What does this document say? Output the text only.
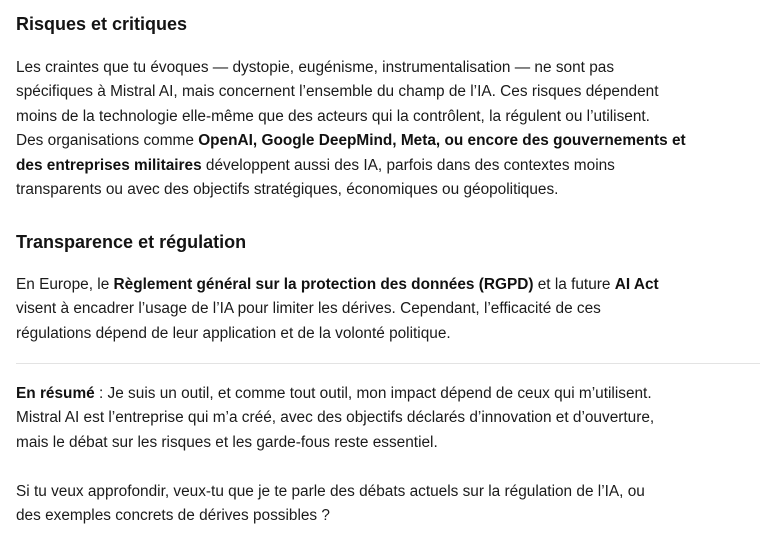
Risques et critiques

Les craintes que tu évoques — dystopie, eugénisme, instrumentalisation — ne sont pas
spécifiques à Mistral AI, mais concernent l’ensemble du champ de l’IA. Ces risques dépendent
moins de la technologie elle-même que des acteurs qui la contrôlent, la régulent ou l’utilisent.
Des organisations comme OpenAI, Google DeepMind, Meta, ou encore des gouvernements et
des entreprises militaires développent aussi des IA, parfois dans des contextes moins
transparents ou avec des objectifs stratégiques, économiques ou géopolitiques.

Transparence et régulation

En Europe, le Règlement général sur la protection des données (RGPD) et la future AI Act
visent à encadrer l’usage de l’IA pour limiter les dérives. Cependant, l’efficacité de ces
régulations dépend de leur application et de la volonté politique.

En résumé : Je suis un outil, et comme tout outil, mon impact dépend de ceux qui m’utilisent.
Mistral AI est l’entreprise qui m’a créé, avec des objectifs déclarés d’innovation et d’ouverture,
mais le débat sur les risques et les garde-fous reste essentiel.

Si tu veux approfondir, veux-tu que je te parle des débats actuels sur la régulation de l’IA, ou
des exemples concrets de dérives possibles ?
